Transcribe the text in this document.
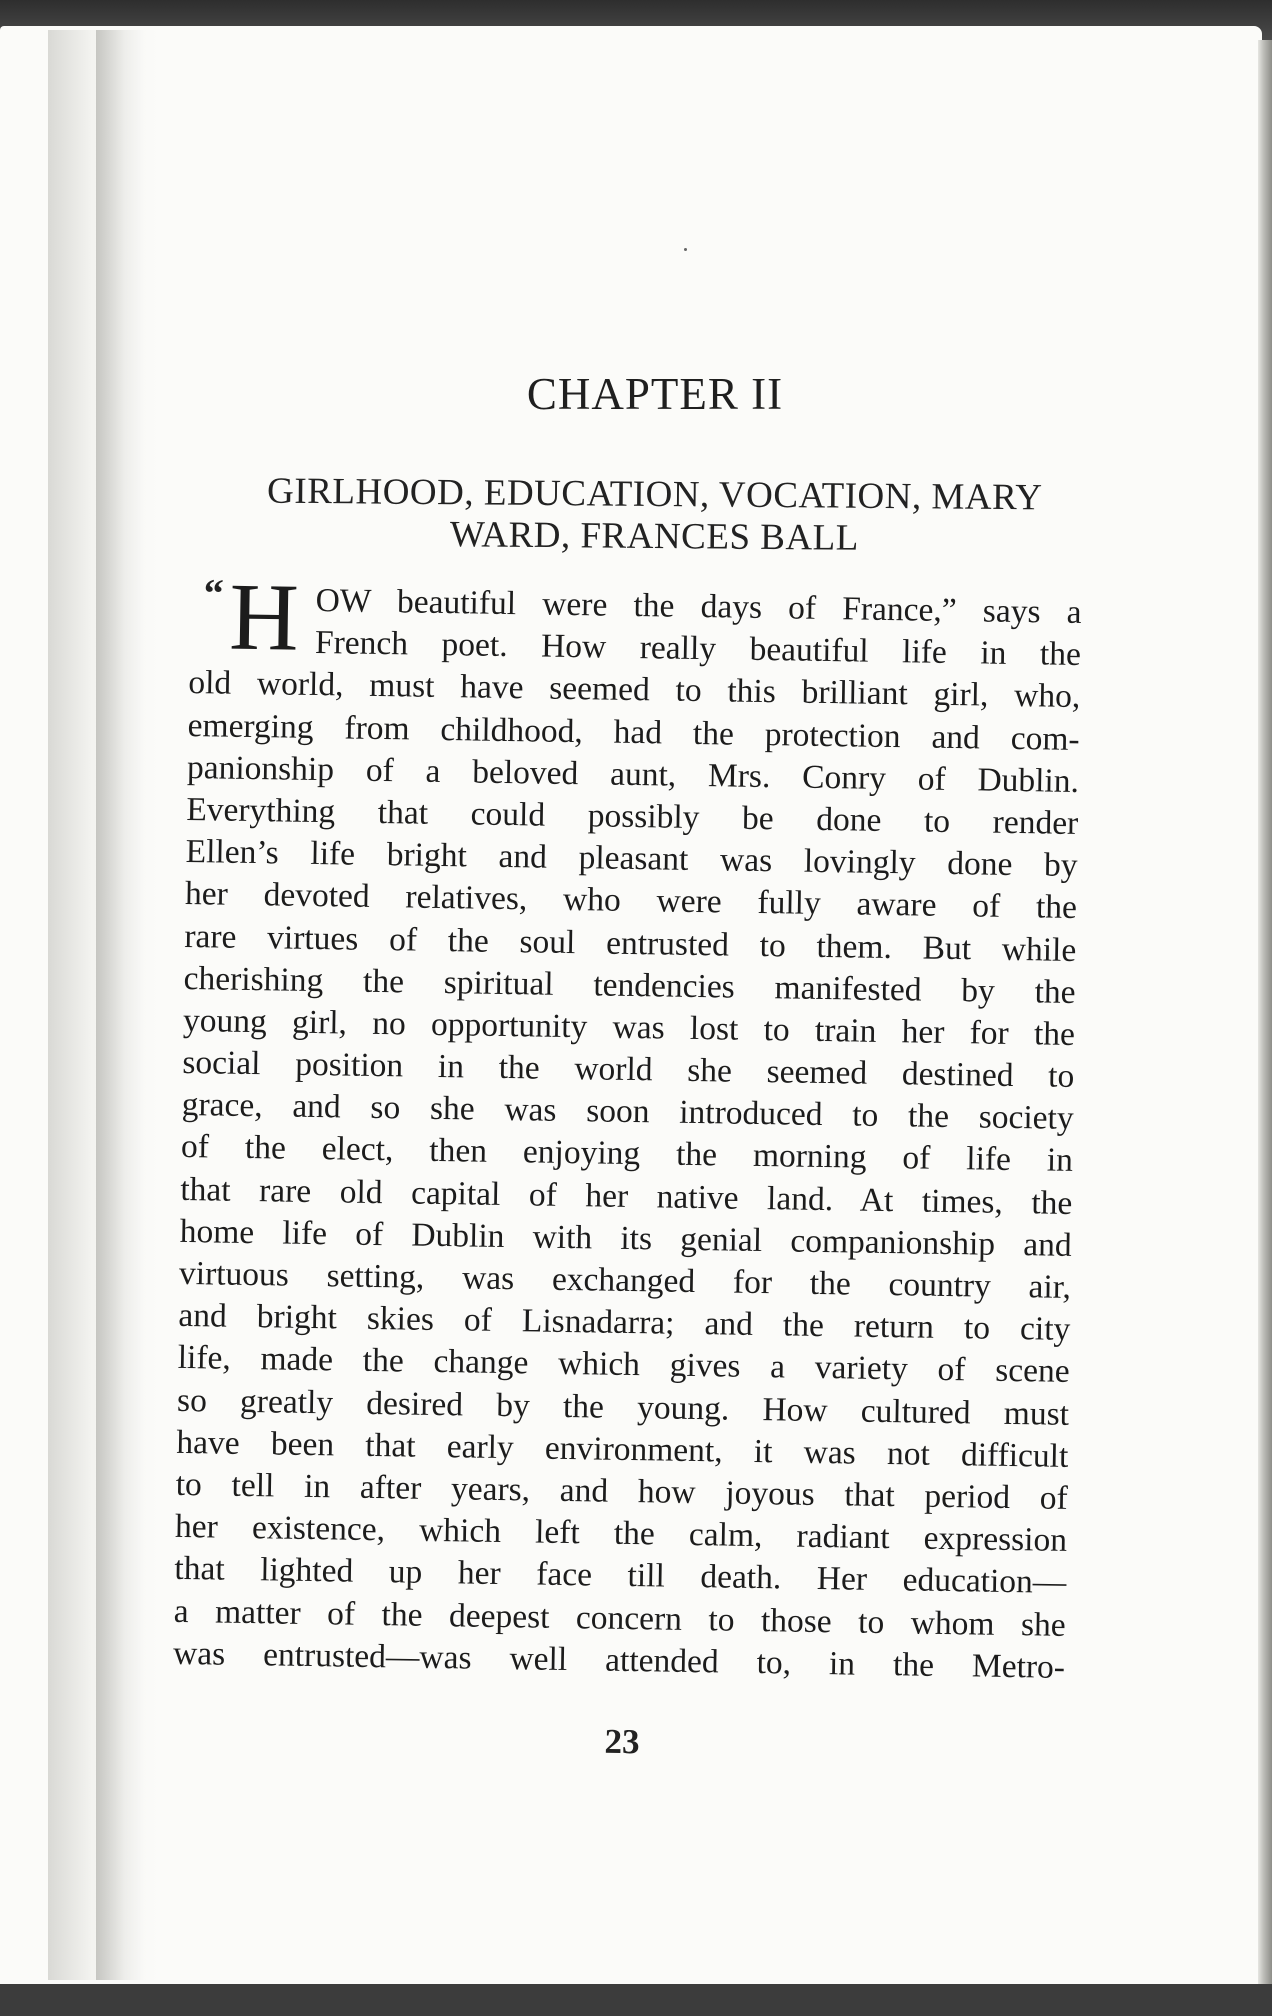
CHAPTER II
GIRLHOOD, EDUCATION, VOCATION, MARY
WARD, FRANCES BALL
“ H OW beautiful were the days of France,” says a
French poet. How really beautiful life in the
old world, must have seemed to this brilliant girl, who,
emerging from childhood, had the protection and com-
panionship of a beloved aunt, Mrs. Conry of Dublin.
Everything that could possibly be done to render
Ellen’s life bright and pleasant was lovingly done by
her devoted relatives, who were fully aware of the
rare virtues of the soul entrusted to them. But while
cherishing the spiritual tendencies manifested by the
young girl, no opportunity was lost to train her for the
social position in the world she seemed destined to
grace, and so she was soon introduced to the society
of the elect, then enjoying the morning of life in
that rare old capital of her native land. At times, the
home life of Dublin with its genial companionship and
virtuous setting, was exchanged for the country air,
and bright skies of Lisnadarra; and the return to city
life, made the change which gives a variety of scene
so greatly desired by the young. How cultured must
have been that early environment, it was not difficult
to tell in after years, and how joyous that period of
her existence, which left the calm, radiant expression
that lighted up her face till death. Her education—
a matter of the deepest concern to those to whom she
was entrusted—was well attended to, in the Metro-

23
